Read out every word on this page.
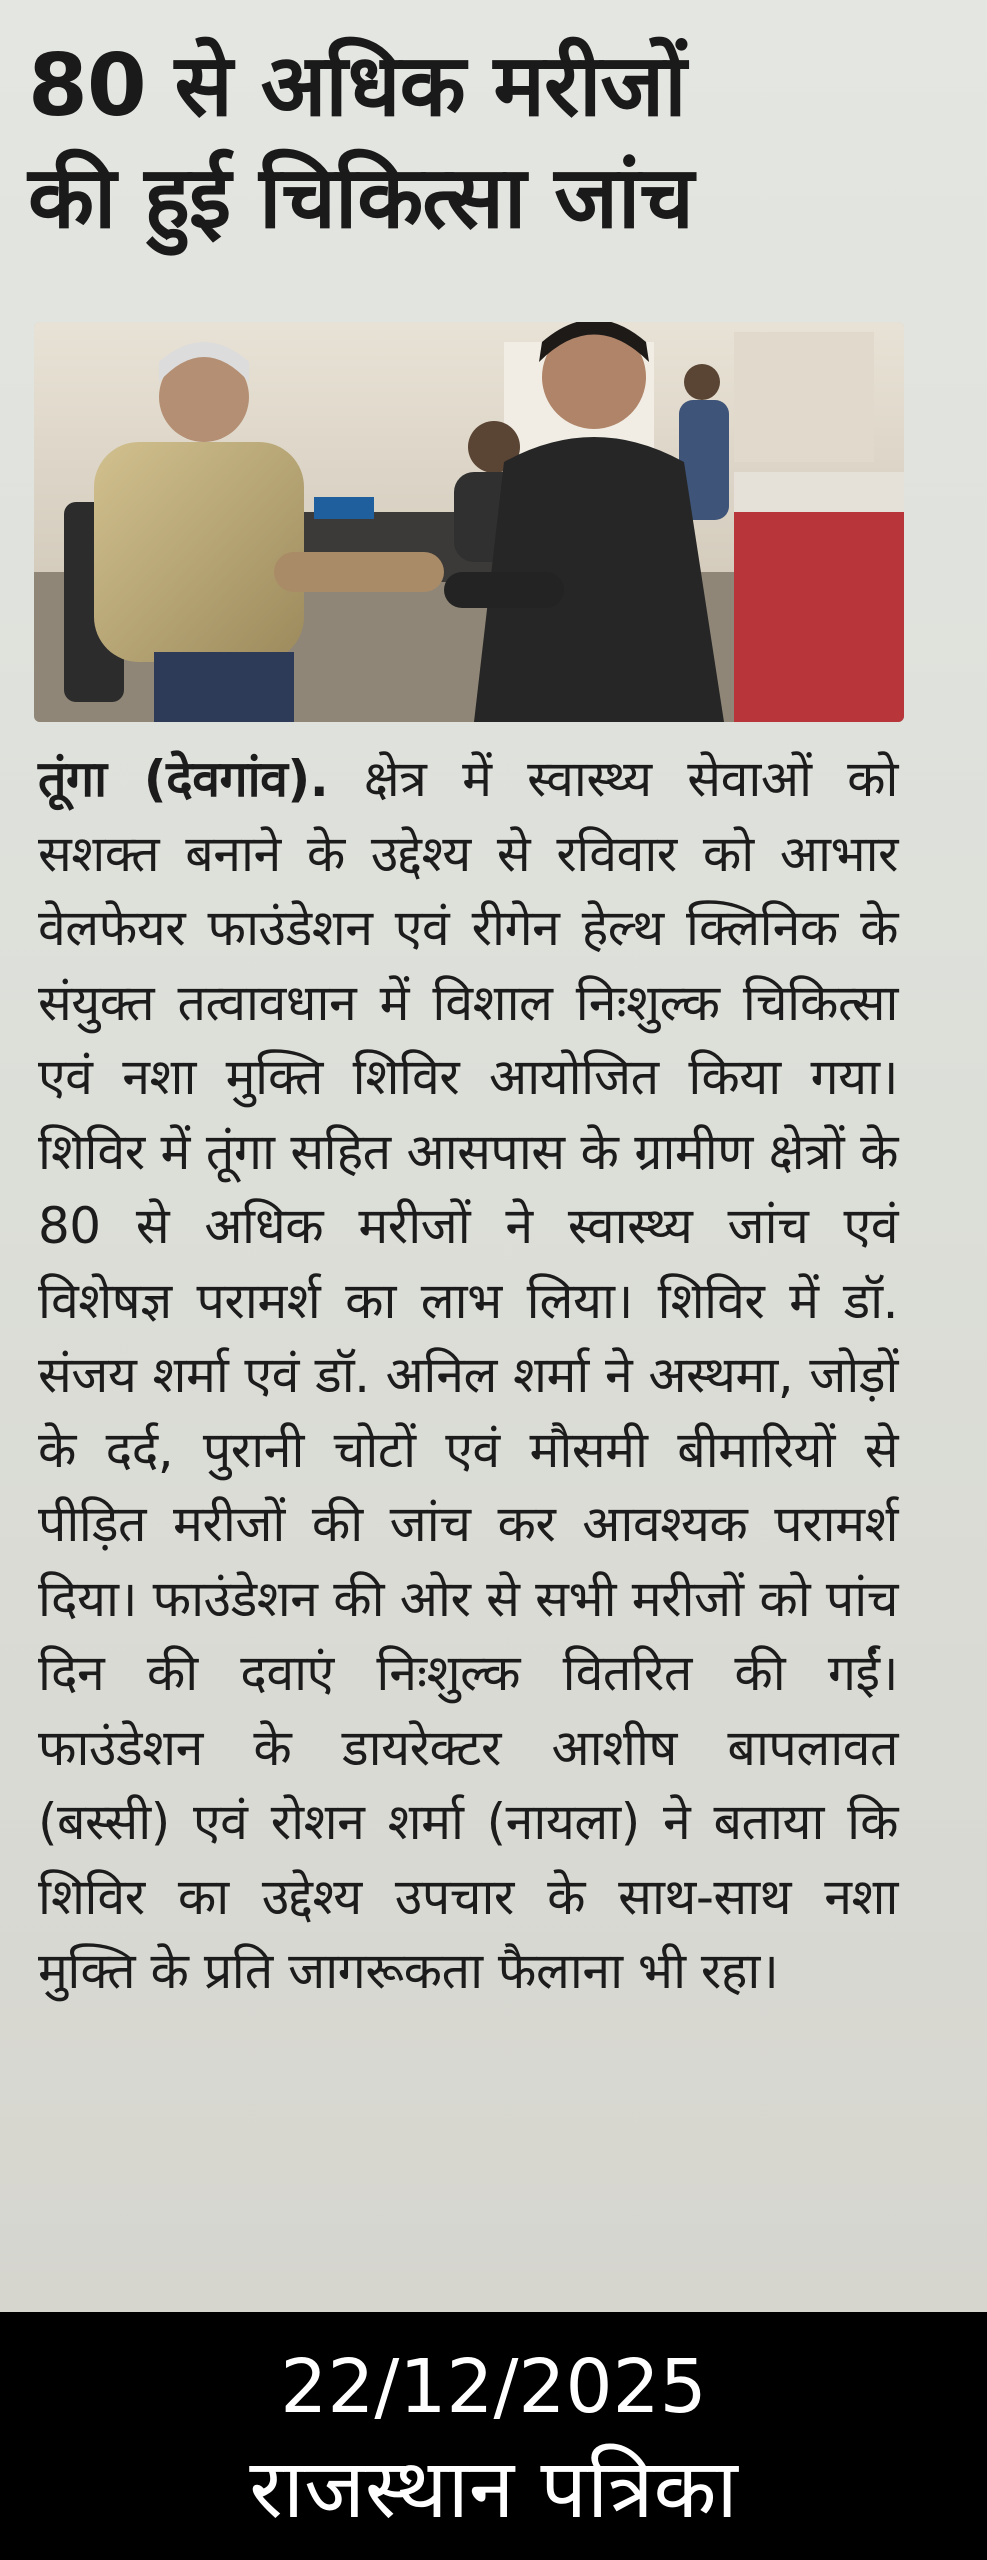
80 से अधिक मरीजों
की हुई चिकित्सा जांच

तूंगा (देवगांव). क्षेत्र में स्वास्थ्य सेवाओं को सशक्त बनाने के उद्देश्य से रविवार को आभार वेलफेयर फाउंडेशन एवं रीगेन हेल्थ क्लिनिक के संयुक्त तत्वावधान में विशाल निःशुल्क चिकित्सा एवं नशा मुक्ति शिविर आयोजित किया गया। शिविर में तूंगा सहित आसपास के ग्रामीण क्षेत्रों के 80 से अधिक मरीजों ने स्वास्थ्य जांच एवं विशेषज्ञ परामर्श का लाभ लिया। शिविर में डॉ. संजय शर्मा एवं डॉ. अनिल शर्मा ने अस्थमा, जोड़ों के दर्द, पुरानी चोटों एवं मौसमी बीमारियों से पीड़ित मरीजों की जांच कर आवश्यक परामर्श दिया। फाउंडेशन की ओर से सभी मरीजों को पांच दिन की दवाएं निःशुल्क वितरित की गईं। फाउंडेशन के डायरेक्टर आशीष बापलावत (बस्सी) एवं रोशन शर्मा (नायला) ने बताया कि शिविर का उद्देश्य उपचार के साथ-साथ नशा मुक्ति के प्रति जागरूकता फैलाना भी रहा।

22/12/2025
राजस्थान पत्रिका
